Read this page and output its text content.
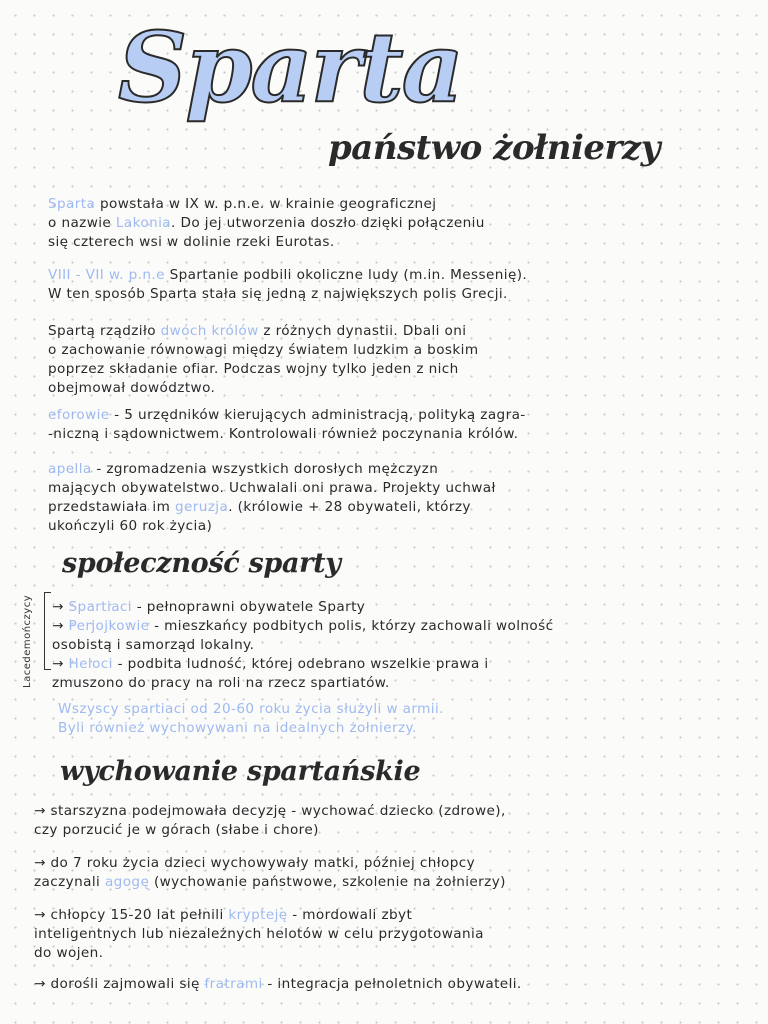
Sparta
państwo żołnierzy
Sparta powstała w IX w. p.n.e. w krainie geograficznej
o nazwie Lakonia. Do jej utworzenia doszło dzięki połączeniu
się czterech wsi w dolinie rzeki Eurotas.
VIII - VII w. p.n.e Spartanie podbili okoliczne ludy (m.in. Messenię).
W ten sposób Sparta stała się jedną z największych polis Grecji.
Spartą rządziło dwóch królów z różnych dynastii. Dbali oni
o zachowanie równowagi między światem ludzkim a boskim
poprzez składanie ofiar. Podczas wojny tylko jeden z nich
obejmował dowództwo.
eforowie - 5 urzędników kierujących administracją, polityką zagra-
-niczną i sądownictwem. Kontrolowali również poczynania królów.
apella - zgromadzenia wszystkich dorosłych mężczyzn
mających obywatelstwo. Uchwalali oni prawa. Projekty uchwał
przedstawiała im geruzja. (królowie + 28 obywateli, którzy
ukończyli 60 rok życia)
społeczność sparty
Lacedemończycy → Spartiaci - pełnoprawni obywatele Sparty
→ Perjojkowie - mieszkańcy podbitych polis, którzy zachowali wolność
osobistą i samorząd lokalny.
→ Heloci - podbita ludność, której odebrano wszelkie prawa i
zmuszono do pracy na roli na rzecz spartiatów.
Wszyscy spartiaci od 20-60 roku życia służyli w armii.
Byli również wychowywani na idealnych żołnierzy.
wychowanie spartańskie
→ starszyzna podejmowała decyzję - wychować dziecko (zdrowe),
czy porzucić je w górach (słabe i chore)
→ do 7 roku życia dzieci wychowywały matki, później chłopcy
zaczynali agogę (wychowanie państwowe, szkolenie na żołnierzy)
→ chłopcy 15-20 lat pełnili krypteję - mordowali zbyt
inteligentnych lub niezależnych helotów w celu przygotowania
do wojen.
→ dorośli zajmowali się fratrami - integracja pełnoletnich obywateli.
